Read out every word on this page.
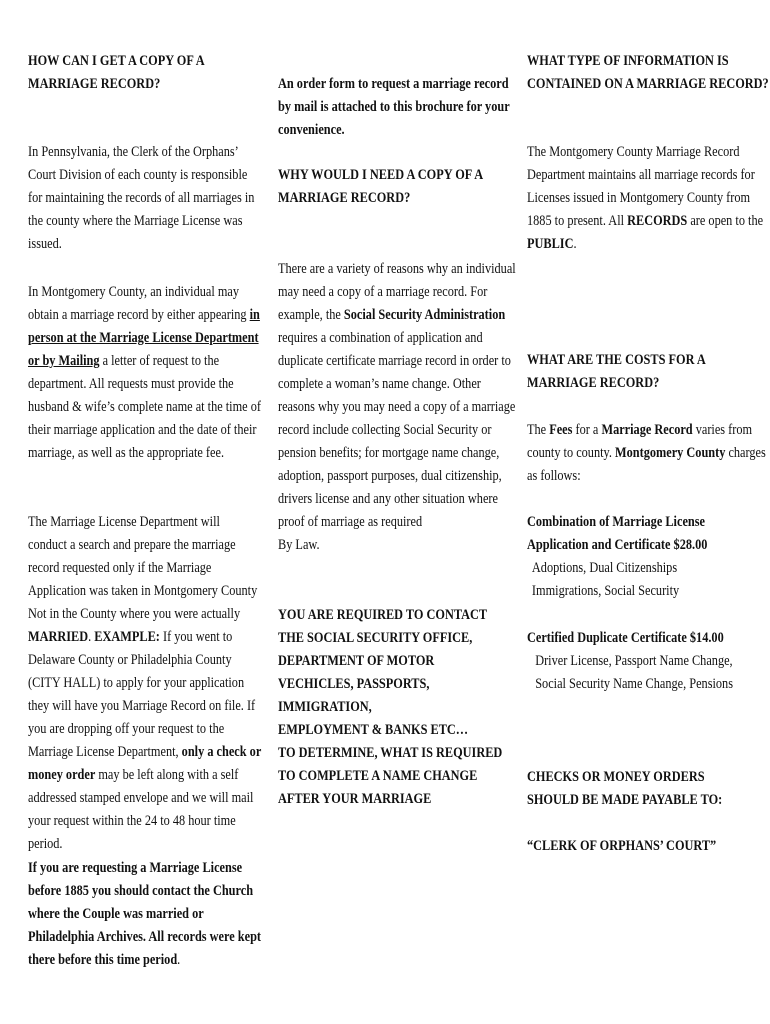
HOW CAN I GET A COPY OF A MARRIAGE RECORD?

In Pennsylvania, the Clerk of the Orphans’ Court Division of each county is responsible for maintaining the records of all marriages in the county where the Marriage License was issued.

In Montgomery County, an individual may obtain a marriage record by either appearing in person at the Marriage License Department or by Mailing a letter of request to the department. All requests must provide the husband & wife’s complete name at the time of their marriage application and the date of their marriage, as well as the appropriate fee.

The Marriage License Department will conduct a search and prepare the marriage record requested only if the Marriage Application was taken in Montgomery County Not in the County where you were actually MARRIED. EXAMPLE: If you went to Delaware County or Philadelphia County (CITY HALL) to apply for your application they will have you Marriage Record on file. If you are dropping off your request to the Marriage License Department, only a check or money order may be left along with a self addressed stamped envelope and we will mail your request within the 24 to 48 hour time period.

If you are requesting a Marriage License before 1885 you should contact the Church where the Couple was married or Philadelphia Archives. All records were kept there before this time period.

An order form to request a marriage record by mail is attached to this brochure for your convenience.

WHY WOULD I NEED A COPY OF A MARRIAGE RECORD?

There are a variety of reasons why an individual may need a copy of a marriage record. For example, the Social Security Administration requires a combination of application and duplicate certificate marriage record in order to complete a woman’s name change. Other reasons why you may need a copy of a marriage record include collecting Social Security or pension benefits; for mortgage name change, adoption, passport purposes, dual citizenship, drivers license and any other situation where proof of marriage as required
By Law.

YOU ARE REQUIRED TO CONTACT
THE SOCIAL SECURITY OFFICE,
DEPARTMENT OF MOTOR
VECHICLES, PASSPORTS,
IMMIGRATION,
EMPLOYMENT & BANKS ETC…
TO DETERMINE, WHAT IS REQUIRED
TO COMPLETE A NAME CHANGE
AFTER YOUR MARRIAGE

WHAT TYPE OF INFORMATION IS CONTAINED ON A MARRIAGE RECORD?

The Montgomery County Marriage Record Department maintains all marriage records for Licenses issued in Montgomery County from 1885 to present. All RECORDS are open to the PUBLIC.

WHAT ARE THE COSTS FOR A MARRIAGE RECORD?

The Fees for a Marriage Record varies from county to county. Montgomery County charges as follows:

Combination of Marriage License
Application and Certificate $28.00
Adoptions, Dual Citizenships
Immigrations, Social Security
Certified Duplicate Certificate $14.00
Driver License, Passport Name Change,
Social Security Name Change, Pensions
CHECKS OR MONEY ORDERS
SHOULD BE MADE PAYABLE TO:

“CLERK OF ORPHANS’ COURT”
